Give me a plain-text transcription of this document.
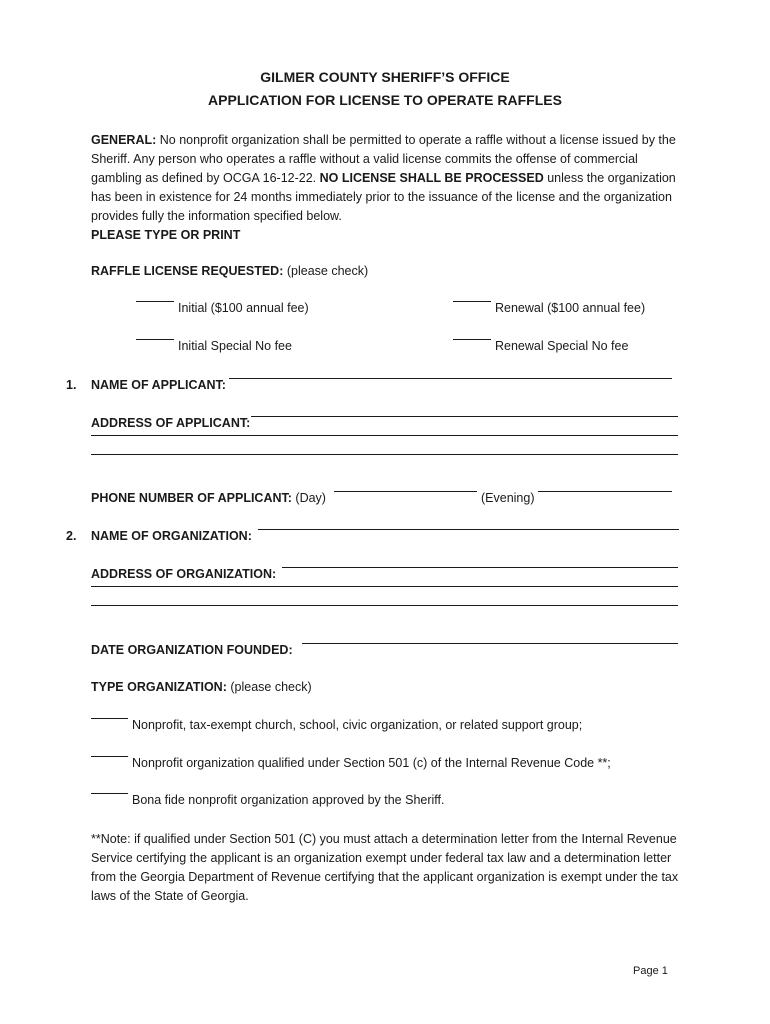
GILMER COUNTY SHERIFF’S OFFICE
APPLICATION FOR LICENSE TO OPERATE RAFFLES
GENERAL: No nonprofit organization shall be permitted to operate a raffle without a license issued by the Sheriff. Any person who operates a raffle without a valid license commits the offense of commercial gambling as defined by OCGA 16-12-22. NO LICENSE SHALL BE PROCESSED unless the organization has been in existence for 24 months immediately prior to the issuance of the license and the organization provides fully the information specified below.
PLEASE TYPE OR PRINT
RAFFLE LICENSE REQUESTED: (please check)
Initial ($100 annual fee)	Renewal ($100 annual fee)
Initial Special No fee	Renewal Special No fee
1. NAME OF APPLICANT:
ADDRESS OF APPLICANT:
PHONE NUMBER OF APPLICANT: (Day)	(Evening)
2. NAME OF ORGANIZATION:
ADDRESS OF ORGANIZATION:
DATE ORGANIZATION FOUNDED:
TYPE ORGANIZATION: (please check)
Nonprofit, tax-exempt church, school, civic organization, or related support group;
Nonprofit organization qualified under Section 501 (c) of the Internal Revenue Code **;
Bona fide nonprofit organization approved by the Sheriff.
**Note: if qualified under Section 501 (C) you must attach a determination letter from the Internal Revenue Service certifying the applicant is an organization exempt under federal tax law and a determination letter from the Georgia Department of Revenue certifying that the applicant organization is exempt under the tax laws of the State of Georgia.
Page 1
